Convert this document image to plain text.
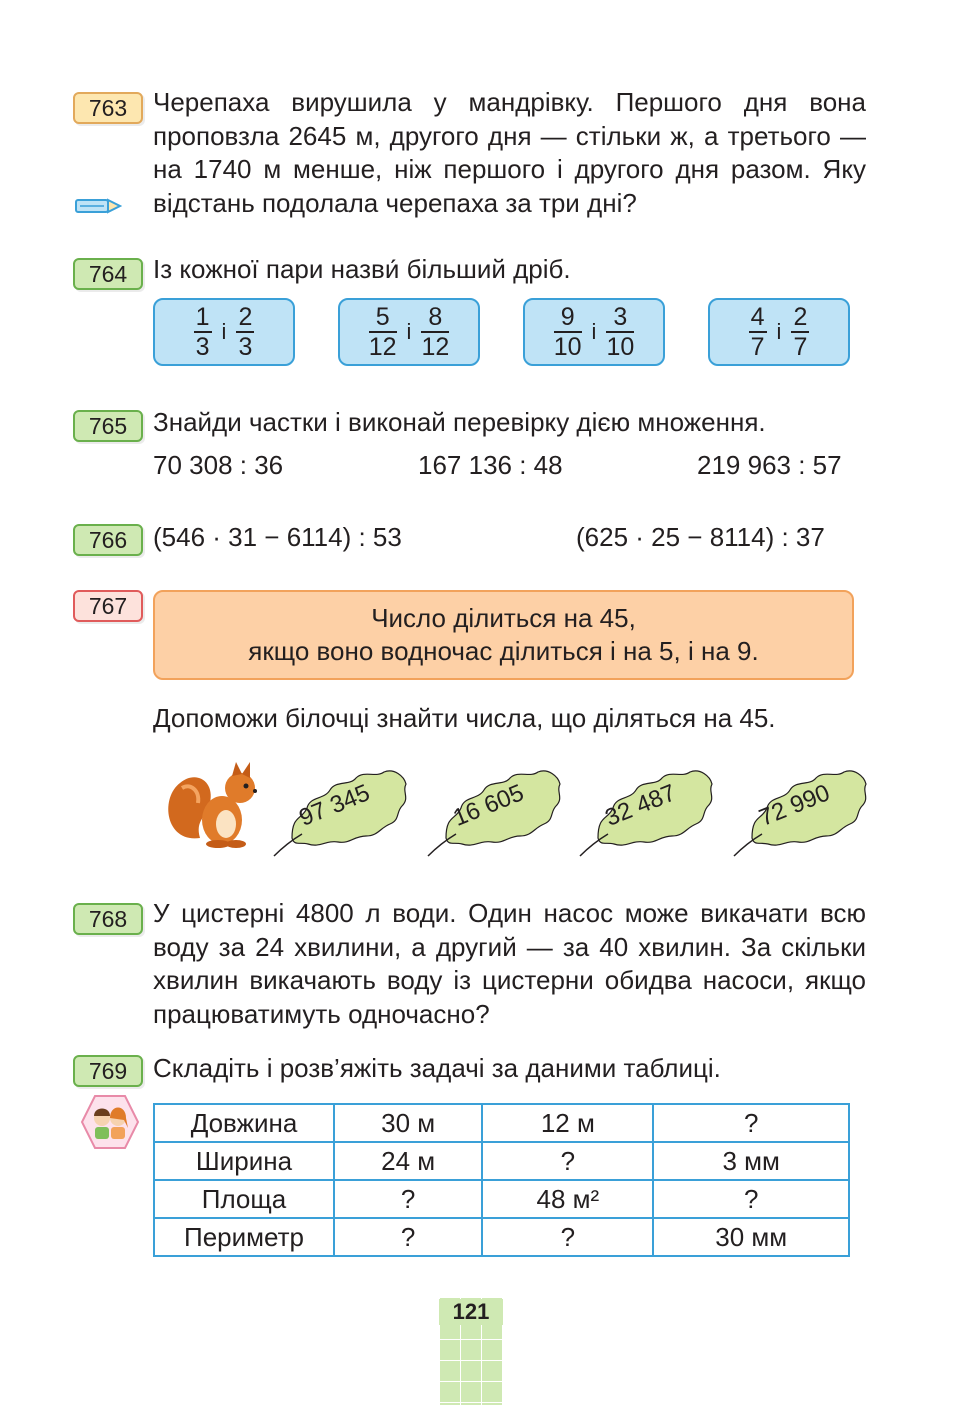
763 Черепаха вирушила у мандрівку. Першого дня вона проповзла 2645 м, другого дня — стільки ж, а третього — на 1740 м менше, ніж першого і другого дня разом. Яку відстань подолала черепаха за три дні?
764 Із кожної пари назви́ більший дріб.
$\frac{1}{3}$ і $\frac{2}{3}$	$\frac{5}{12}$ і $\frac{8}{12}$	$\frac{9}{10}$ і $\frac{3}{10}$	$\frac{4}{7}$ і $\frac{2}{7}$
765 Знайди частки і виконай перевірку дією множення.
70 308 : 36	167 136 : 48	219 963 : 57
766 (546 · 31 − 6114) : 53	(625 · 25 − 8114) : 37
767	Число ділиться на 45,
якщо воно водночас ділиться і на 5, і на 9.
Допоможи білочці знайти числа, що діляться на 45.
97 345	16 605	32 487	72 990
768 У цистерні 4800 л води. Один насос може викачати всю воду за 24 хвилини, а другий — за 40 хвилин. За скільки хвилин викачають воду із цистерни обидва насоси, якщо працюватимуть одночасно?
769 Складіть і розв’яжіть задачі за даними таблиці.
Довжина	30 м	12 м	?
Ширина	24 м	?	3 мм
Площа	?	48 м²	?
Периметр	?	?	30 мм
121
